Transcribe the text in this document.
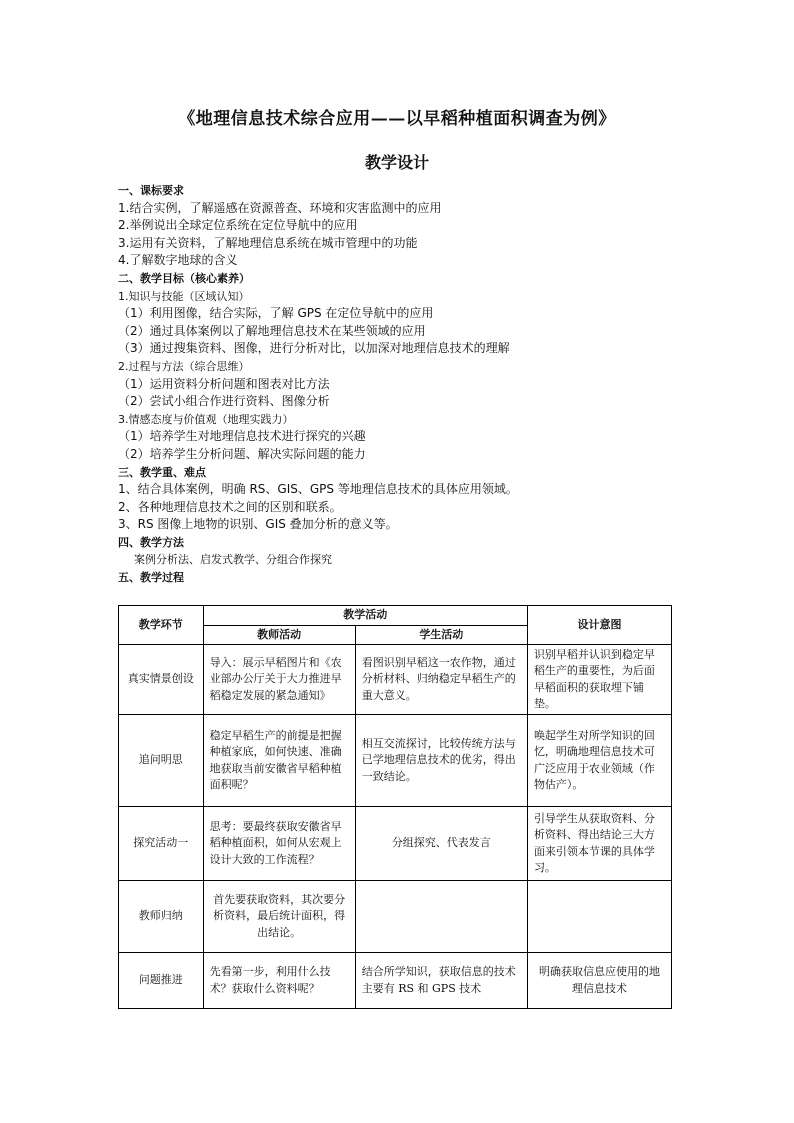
《地理信息技术综合应用——以早稻种植面积调查为例》
教学设计
一、课标要求
1.结合实例，了解遥感在资源普查、环境和灾害监测中的应用
2.举例说出全球定位系统在定位导航中的应用
3.运用有关资料，了解地理信息系统在城市管理中的功能
4.了解数字地球的含义
二、教学目标（核心素养）
1.知识与技能（区域认知）
（1）利用图像，结合实际，了解 GPS 在定位导航中的应用
（2）通过具体案例以了解地理信息技术在某些领域的应用
（3）通过搜集资料、图像，进行分析对比，以加深对地理信息技术的理解
2.过程与方法（综合思维）
（1）运用资料分析问题和图表对比方法
（2）尝试小组合作进行资料、图像分析
3.情感态度与价值观（地理实践力）
（1）培养学生对地理信息技术进行探究的兴趣
（2）培养学生分析问题、解决实际问题的能力
三、教学重、难点
1、结合具体案例，明确 RS、GIS、GPS 等地理信息技术的具体应用领域。
2、各种地理信息技术之间的区别和联系。
3、RS 图像上地物的识别、GIS 叠加分析的意义等。
四、教学方法
案例分析法、启发式教学、分组合作探究
五、教学过程
教学环节	教学活动		设计意图
	教师活动	学生活动	
真实情景创设	导入：展示早稻图片和《农业部办公厅关于大力推进早稻稳定发展的紧急通知》	看图识别早稻这一农作物，通过分析材料、归纳稳定早稻生产的重大意义。	识别早稻并认识到稳定早稻生产的重要性，为后面早稻面积的获取埋下铺垫。
追问明思	稳定早稻生产的前提是把握种植家底，如何快速、准确地获取当前安徽省早稻种植面积呢？	相互交流探讨，比较传统方法与已学地理信息技术的优劣，得出一致结论。	唤起学生对所学知识的回忆，明确地理信息技术可广泛应用于农业领域（作物估产）。
探究活动一	思考：要最终获取安徽省早稻种植面积，如何从宏观上设计大致的工作流程？	分组探究、代表发言	引导学生从获取资料、分析资料、得出结论三大方面来引领本节课的具体学习。
教师归纳	首先要获取资料，其次要分析资料，最后统计面积，得出结论。		
问题推进	先看第一步，利用什么技术？获取什么资料呢？	结合所学知识，获取信息的技术主要有 RS 和 GPS 技术	明确获取信息应使用的地理信息技术
